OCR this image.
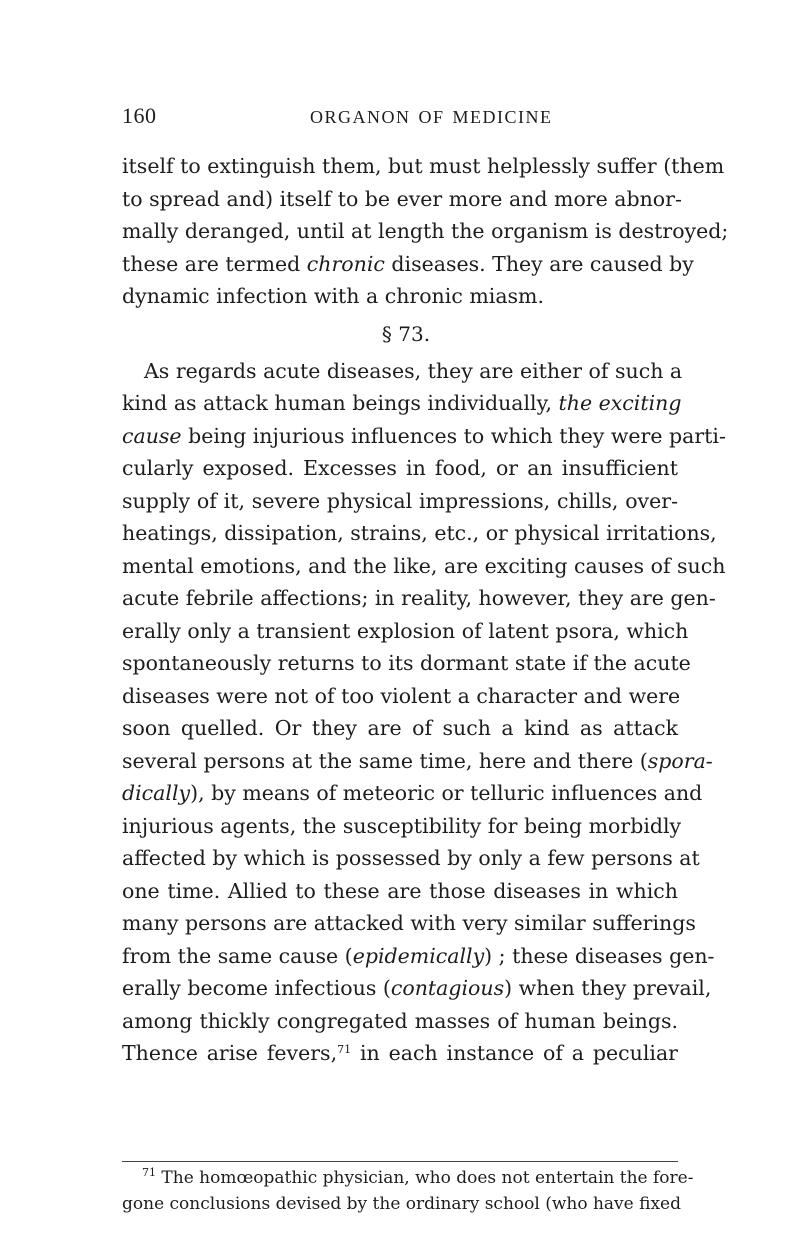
160	ORGANON OF MEDICINE
itself to extinguish them, but must helplessly suffer (them
to spread and) itself to be ever more and more abnor-
mally deranged, until at length the organism is destroyed;
these are termed chronic diseases. They are caused by
dynamic infection with a chronic miasm.
§ 73.
As regards acute diseases, they are either of such a
kind as attack human beings individually, the exciting
cause being injurious influences to which they were parti-
cularly exposed. Excesses in food, or an insufficient
supply of it, severe physical impressions, chills, over-
heatings, dissipation, strains, etc., or physical irritations,
mental emotions, and the like, are exciting causes of such
acute febrile affections; in reality, however, they are gen-
erally only a transient explosion of latent psora, which
spontaneously returns to its dormant state if the acute
diseases were not of too violent a character and were
soon quelled. Or they are of such a kind as attack
several persons at the same time, here and there (spora-
dically), by means of meteoric or telluric influences and
injurious agents, the susceptibility for being morbidly
affected by which is possessed by only a few persons at
one time. Allied to these are those diseases in which
many persons are attacked with very similar sufferings
from the same cause (epidemically) ; these diseases gen-
erally become infectious (contagious) when they prevail,
among thickly congregated masses of human beings.
Thence arise fevers,$^{71}$ in each instance of a peculiar
$^{71}$ The homœopathic physician, who does not entertain the fore-
gone conclusions devised by the ordinary school (who have fixed
